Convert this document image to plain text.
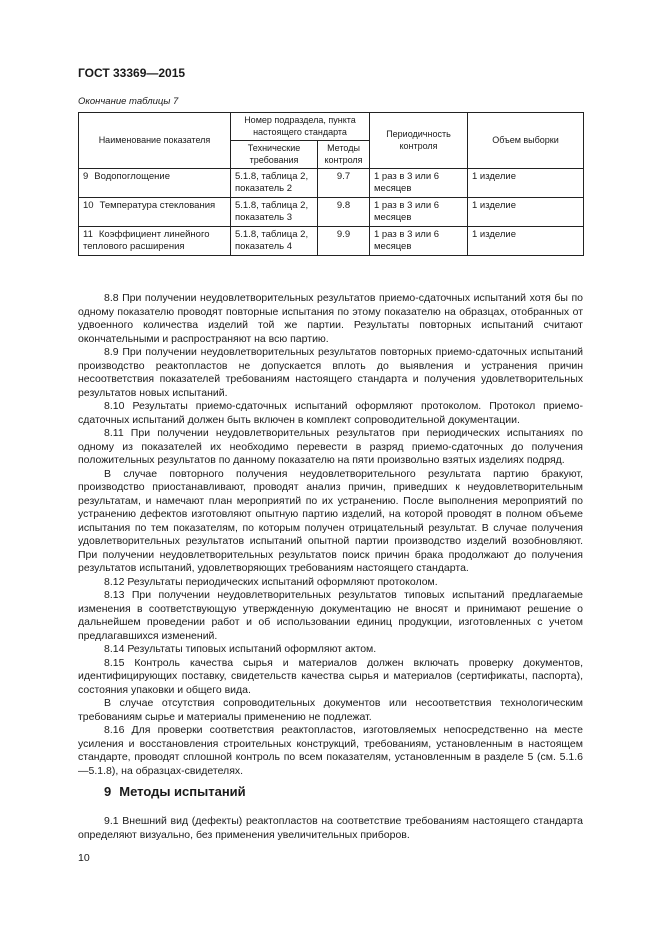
ГОСТ 33369—2015
Окончание таблицы 7
Наименование показателя	Номер подраздела, пункта настоящего стандарта		Периодичность контроля	Объем выборки
	Технические требования	Методы контроля		
9 Водопоглощение	5.1.8, таблица 2, показатель 2	9.7	1 раз в 3 или 6 месяцев	1 изделие
10 Температура стеклования	5.1.8, таблица 2, показатель 3	9.8	1 раз в 3 или 6 месяцев	1 изделие
11 Коэффициент линейного теплового расширения	5.1.8, таблица 2, показатель 4	9.9	1 раз в 3 или 6 месяцев	1 изделие

8.8 При получении неудовлетворительных результатов приемо-сдаточных испытаний хотя бы по одному показателю проводят повторные испытания по этому показателю на образцах, отобранных от удвоенного количества изделий той же партии. Результаты повторных испытаний считают окончательными и распространяют на всю партию.

8.9 При получении неудовлетворительных результатов повторных приемо-сдаточных испытаний производство реактопластов не допускается вплоть до выявления и устранения причин несоответствия показателей требованиям настоящего стандарта и получения удовлетворительных результатов новых испытаний.

8.10 Результаты приемо-сдаточных испытаний оформляют протоколом. Протокол приемо-сдаточных испытаний должен быть включен в комплект сопроводительной документации.

8.11 При получении неудовлетворительных результатов при периодических испытаниях по одному из показателей их необходимо перевести в разряд приемо-сдаточных до получения положительных результатов по данному показателю на пяти произвольно взятых изделиях подряд.

В случае повторного получения неудовлетворительного результата партию бракуют, производство приостанавливают, проводят анализ причин, приведших к неудовлетворительным результатам, и намечают план мероприятий по их устранению. После выполнения мероприятий по устранению дефектов изготовляют опытную партию изделий, на которой проводят в полном объеме испытания по тем показателям, по которым получен отрицательный результат. В случае получения удовлетворительных результатов испытаний опытной партии производство изделий возобновляют. При получении неудовлетворительных результатов поиск причин брака продолжают до получения результатов испытаний, удовлетворяющих требованиям настоящего стандарта.

8.12 Результаты периодических испытаний оформляют протоколом.

8.13 При получении неудовлетворительных результатов типовых испытаний предлагаемые изменения в соответствующую утвержденную документацию не вносят и принимают решение о дальнейшем проведении работ и об использовании единиц продукции, изготовленных с учетом предлагавшихся изменений.

8.14 Результаты типовых испытаний оформляют актом.

8.15 Контроль качества сырья и материалов должен включать проверку документов, идентифицирующих поставку, свидетельств качества сырья и материалов (сертификаты, паспорта), состояния упаковки и общего вида.

В случае отсутствия сопроводительных документов или несоответствия технологическим требованиям сырье и материалы применению не подлежат.

8.16 Для проверки соответствия реактопластов, изготовляемых непосредственно на месте усиления и восстановления строительных конструкций, требованиям, установленным в настоящем стандарте, проводят сплошной контроль по всем показателям, установленным в разделе 5 (см. 5.1.6—5.1.8), на образцах-свидетелях.

9 Методы испытаний

9.1 Внешний вид (дефекты) реактопластов на соответствие требованиям настоящего стандарта определяют визуально, без применения увеличительных приборов.

10
